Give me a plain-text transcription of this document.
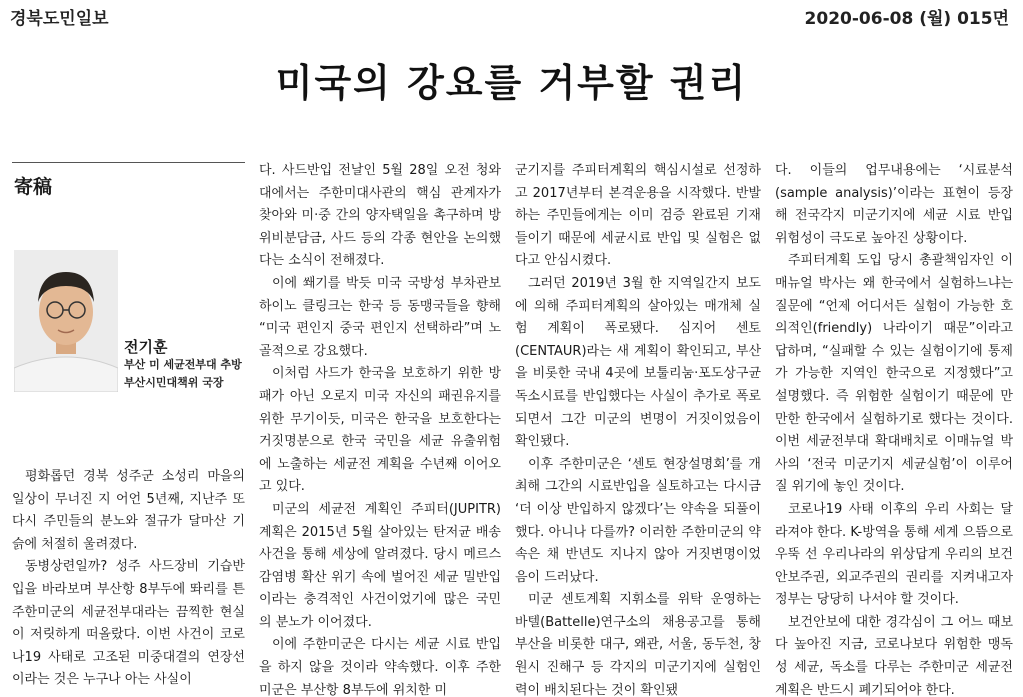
경북도민일보	2020-06-08 (월) 015면
미국의 강요를 거부할 권리
寄稿
전기훈
부산 미 세균전부대 추방 부산시민대책위 국장

평화롭던 경북 성주군 소성리 마을의 일상이 무너진 지 어언 5년째, 지난주 또다시 주민들의 분노와 절규가 달마산 기슭에 처절히 울려졌다.

동병상련일까? 성주 사드장비 기습반입을 바라보며 부산항 8부두에 똬리를 튼 주한미군의 세균전부대라는 끔찍한 현실이 저릿하게 떠올랐다. 이번 사건이 코로나19 사태로 고조된 미중대결의 연장선이라는 것은 누구나 아는 사실이

다. 사드반입 전날인 5월 28일 오전 청와대에서는 주한미대사관의 핵심 관계자가 찾아와 미·중 간의 양자택일을 촉구하며 방위비분담금, 사드 등의 각종 현안을 논의했다는 소식이 전해졌다.

이에 쐐기를 박듯 미국 국방성 부차관보 하이노 클링크는 한국 등 동맹국들을 향해 “미국 편인지 중국 편인지 선택하라”며 노골적으로 강요했다.

이처럼 사드가 한국을 보호하기 위한 방패가 아닌 오로지 미국 자신의 패권유지를 위한 무기이듯, 미국은 한국을 보호한다는 거짓명분으로 한국 국민을 세균 유출위험에 노출하는 세균전 계획을 수년째 이어오고 있다.

미군의 세균전 계획인 주피터(JUPITR) 계획은 2015년 5월 살아있는 탄저균 배송사건을 통해 세상에 알려졌다. 당시 메르스 감염병 확산 위기 속에 벌어진 세균 밀반입이라는 충격적인 사건이었기에 많은 국민의 분노가 이어졌다.

이에 주한미군은 다시는 세균 시료 반입을 하지 않을 것이라 약속했다. 이후 주한미군은 부산항 8부두에 위치한 미

군기지를 주피터계획의 핵심시설로 선정하고 2017년부터 본격운용을 시작했다. 반발하는 주민들에게는 이미 검증 완료된 기재들이기 때문에 세균시료 반입 및 실험은 없다고 안심시켰다.

그러던 2019년 3월 한 지역일간지 보도에 의해 주피터계획의 살아있는 매개체 실험 계획이 폭로됐다. 심지어 센토(CENTAUR)라는 새 계획이 확인되고, 부산을 비롯한 국내 4곳에 보툴리눔·포도상구균 독소시료를 반입했다는 사실이 추가로 폭로되면서 그간 미군의 변명이 거짓이었음이 확인됐다.

이후 주한미군은 ‘센토 현장설명회’를 개최해 그간의 시료반입을 실토하고는 다시금 ‘더 이상 반입하지 않겠다’는 약속을 되풀이 했다. 아니나 다를까? 이러한 주한미군의 약속은 채 반년도 지나지 않아 거짓변명이었음이 드러났다.

미군 센토계획 지휘소를 위탁 운영하는 바텔(Battelle)연구소의 채용공고를 통해 부산을 비롯한 대구, 왜관, 서울, 동두천, 창원시 진해구 등 각지의 미군기지에 실험인력이 배치된다는 것이 확인됐

다. 이들의 업무내용에는 ‘시료분석(sample analysis)’이라는 표현이 등장해 전국각지 미군기지에 세균 시료 반입 위험성이 극도로 높아진 상황이다.

주피터계획 도입 당시 총괄책임자인 이매뉴얼 박사는 왜 한국에서 실험하느냐는 질문에 “언제 어디서든 실험이 가능한 호의적인(friendly) 나라이기 때문”이라고 답하며, “실패할 수 있는 실험이기에 통제가 가능한 지역인 한국으로 지정했다”고 설명했다. 즉 위험한 실험이기 때문에 만만한 한국에서 실험하기로 했다는 것이다. 이번 세균전부대 확대배치로 이매뉴얼 박사의 ‘전국 미군기지 세균실험’이 이루어질 위기에 놓인 것이다.

코로나19 사태 이후의 우리 사회는 달라져야 한다. K-방역을 통해 세계 으뜸으로 우뚝 선 우리나라의 위상답게 우리의 보건안보주권, 외교주권의 권리를 지켜내고자 정부는 당당히 나서야 할 것이다.

보건안보에 대한 경각심이 그 어느 때보다 높아진 지금, 코로나보다 위험한 맹독성 세균, 독소를 다루는 주한미군 세균전 계획은 반드시 폐기되어야 한다.
